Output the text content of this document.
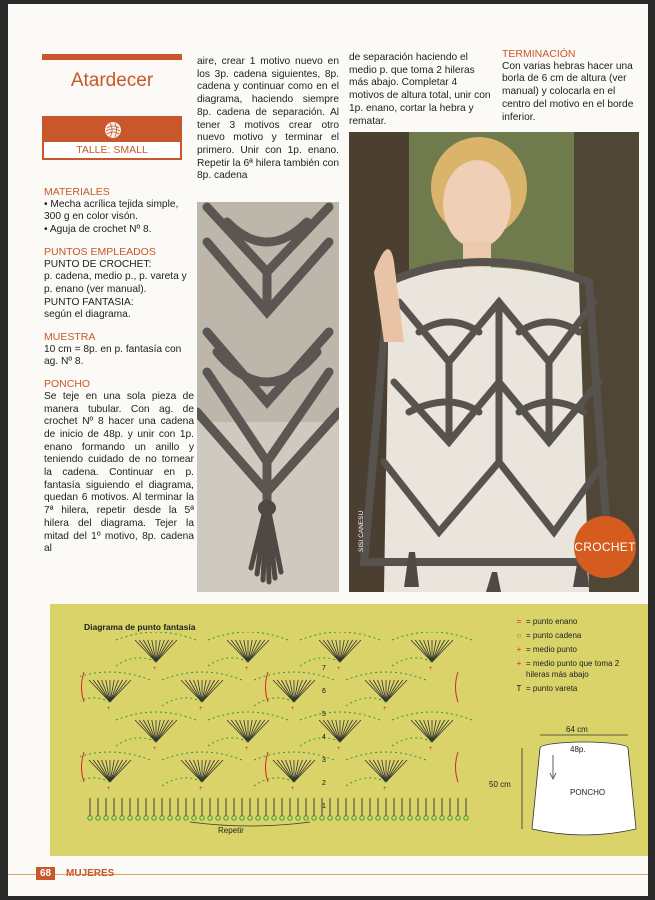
Atardecer
TALLE: SMALL
MATERIALES
• Mecha acrílica tejida simple, 300 g en color visón.
• Aguja de crochet Nº 8.
PUNTOS EMPLEADOS
PUNTO DE CROCHET:
p. cadena, medio p., p. vareta y p. enano (ver manual).
PUNTO FANTASIA:
según el diagrama.
MUESTRA
10 cm = 8p. en p. fantasía con ag. Nº 8.
PONCHO
Se teje en una sola pieza de manera tubular. Con ag. de crochet Nº 8 hacer una cadena de inicio de 48p. y unir con 1p. enano formando un anillo y teniendo cuidado de no tornear la cadena. Continuar en p. fantasía siguiendo el diagrama, quedan 6 motivos. Al terminar la 7ª hilera, repetir desde la 5ª hilera del diagrama. Tejer la mitad del 1º motivo, 8p. cadena al
aire, crear 1 motivo nuevo en los 3p. cadena siguientes, 8p. cadena y continuar como en el diagrama, haciendo siempre 8p. cadena de separación. Al tener 3 motivos crear otro nuevo motivo y terminar el primero. Unir con 1p. enano. Repetir la 6ª hilera también con 8p. cadena
de separación haciendo el medio p. que toma 2 hileras más abajo. Completar 4 motivos de altura total, unir con 1p. enano, cortar la hebra y rematar.
TERMINACIÓN
Con varias hebras hacer una borla de 6 cm de altura (ver manual) y colocarla en el centro del motivo en el borde inferior.
SISI CANESU	CROCHET
Diagrama de punto fantasía
+	+	+	+
+	+	+	+
+	+	+	+
+	+	+	+
1
2
3
4
5
6
7
Repetir
= = punto enano
○ = punto cadena
+ = medio punto
+ = medio punto que toma 2 hileras más abajo
T = punto vareta
64 cm
48p.
50 cm
PONCHO
68	MUJERES
